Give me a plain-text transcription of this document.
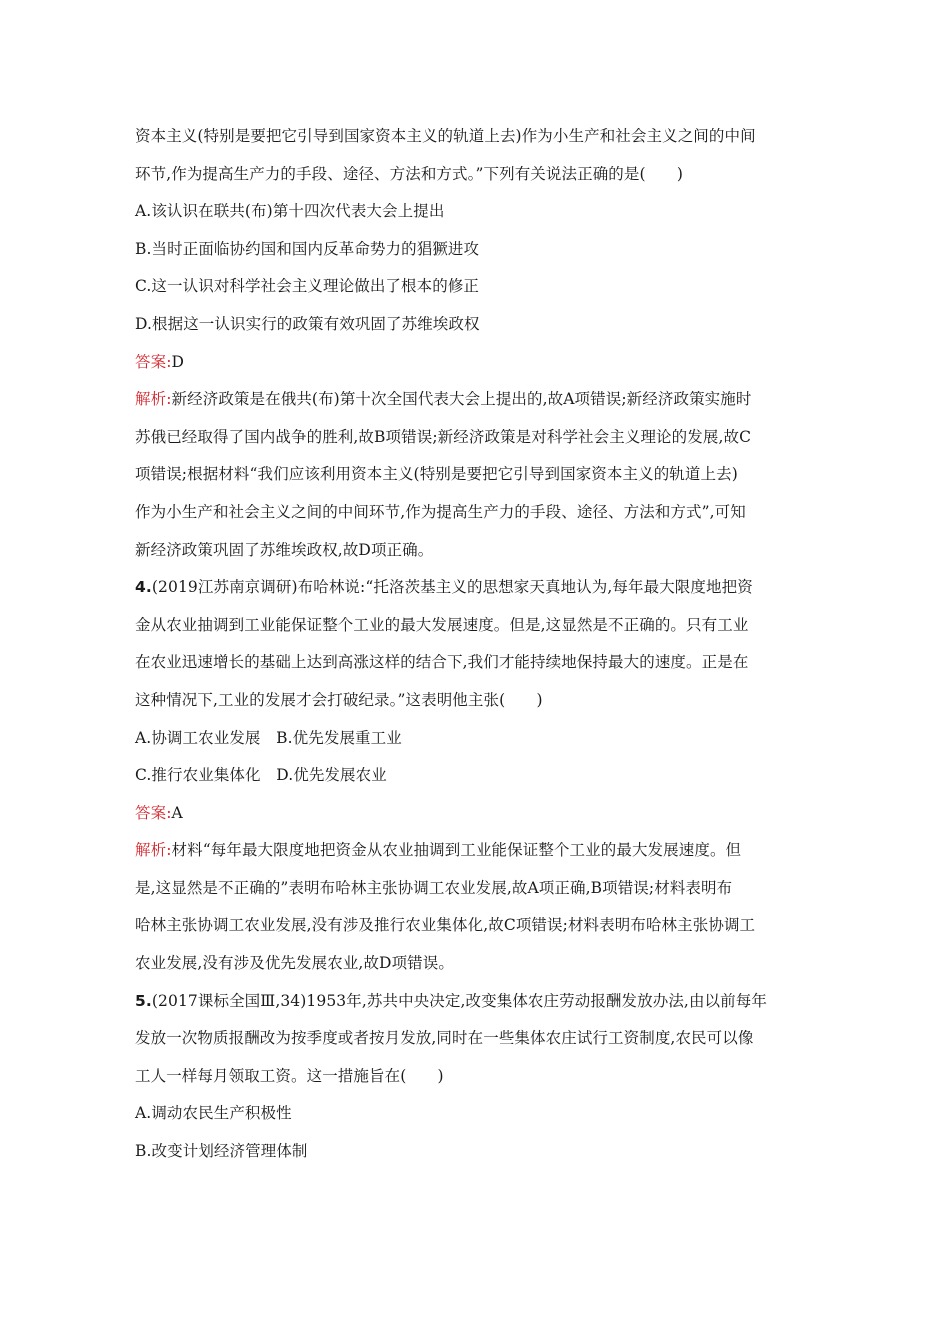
资本主义(特别是要把它引导到国家资本主义的轨道上去)作为小生产和社会主义之间的中间
环节,作为提高生产力的手段、途径、方法和方式。”下列有关说法正确的是(　　)
A.该认识在联共(布)第十四次代表大会上提出
B.当时正面临协约国和国内反革命势力的猖獗进攻
C.这一认识对科学社会主义理论做出了根本的修正
D.根据这一认识实行的政策有效巩固了苏维埃政权
答案:D
解析:新经济政策是在俄共(布)第十次全国代表大会上提出的,故A项错误;新经济政策实施时
苏俄已经取得了国内战争的胜利,故B项错误;新经济政策是对科学社会主义理论的发展,故C
项错误;根据材料“我们应该利用资本主义(特别是要把它引导到国家资本主义的轨道上去)
作为小生产和社会主义之间的中间环节,作为提高生产力的手段、途径、方法和方式”,可知
新经济政策巩固了苏维埃政权,故D项正确。
4.(2019江苏南京调研)布哈林说:“托洛茨基主义的思想家天真地认为,每年最大限度地把资
金从农业抽调到工业能保证整个工业的最大发展速度。但是,这显然是不正确的。只有工业
在农业迅速增长的基础上达到高涨这样的结合下,我们才能持续地保持最大的速度。正是在
这种情况下,工业的发展才会打破纪录。”这表明他主张(　　)
A.协调工农业发展　B.优先发展重工业
C.推行农业集体化　D.优先发展农业
答案:A
解析:材料“每年最大限度地把资金从农业抽调到工业能保证整个工业的最大发展速度。但
是,这显然是不正确的”表明布哈林主张协调工农业发展,故A项正确,B项错误;材料表明布
哈林主张协调工农业发展,没有涉及推行农业集体化,故C项错误;材料表明布哈林主张协调工
农业发展,没有涉及优先发展农业,故D项错误。
5.(2017课标全国Ⅲ,34)1953年,苏共中央决定,改变集体农庄劳动报酬发放办法,由以前每年
发放一次物质报酬改为按季度或者按月发放,同时在一些集体农庄试行工资制度,农民可以像
工人一样每月领取工资。这一措施旨在(　　)
A.调动农民生产积极性
B.改变计划经济管理体制
